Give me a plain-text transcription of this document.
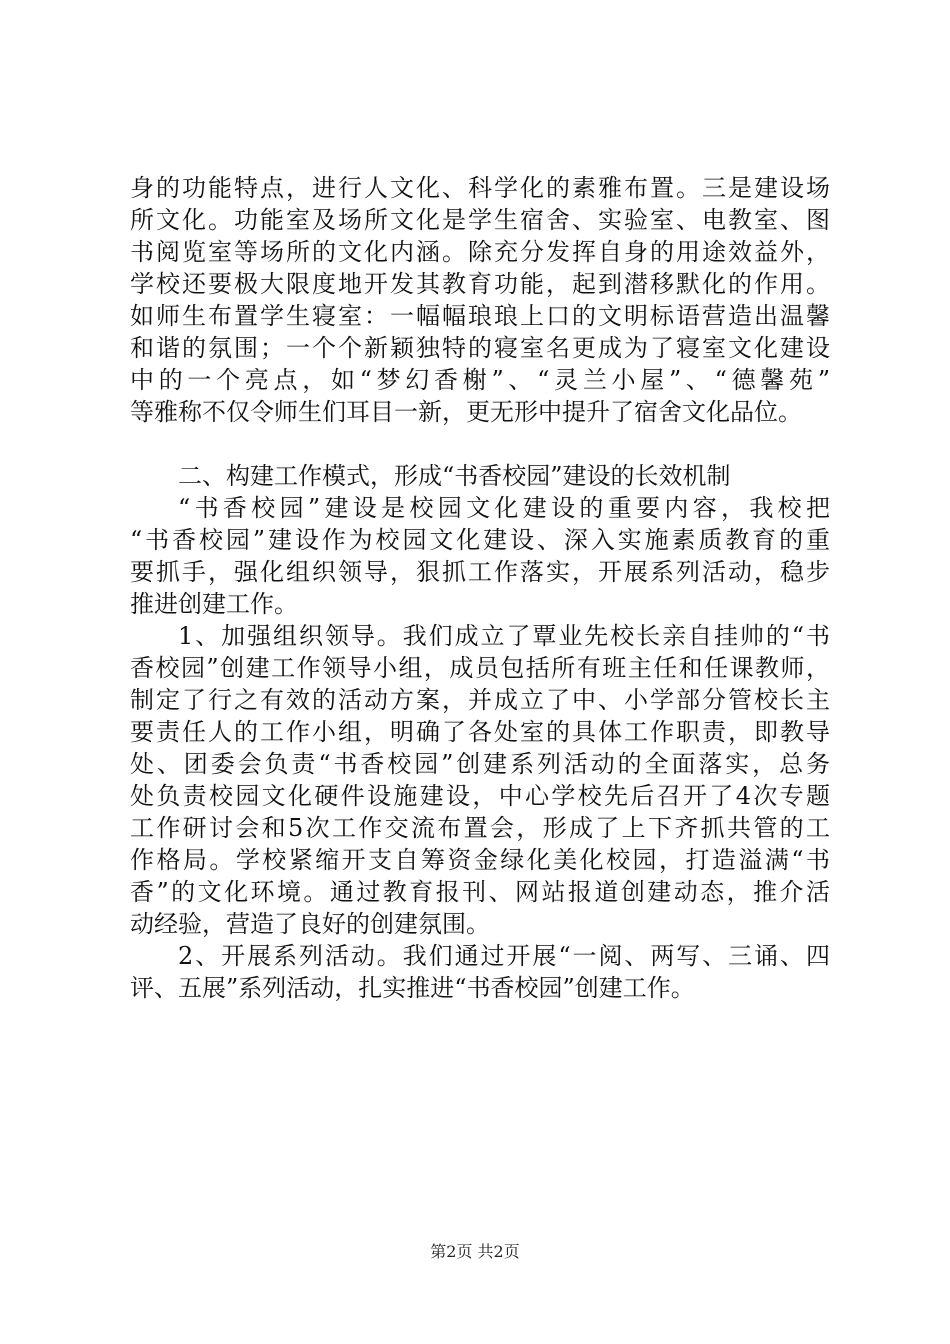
身的功能特点，进行人文化、科学化的素雅布置。三是建设场
所文化。功能室及场所文化是学生宿舍、实验室、电教室、图
书阅览室等场所的文化内涵。除充分发挥自身的用途效益外，
学校还要极大限度地开发其教育功能，起到潜移默化的作用。
如师生布置学生寝室：一幅幅琅琅上口的文明标语营造出温馨
和谐的氛围；一个个新颖独特的寝室名更成为了寝室文化建设
中的一个亮点，如“梦幻香榭”、“灵兰小屋”、“德馨苑”
等雅称不仅令师生们耳目一新，更无形中提升了宿舍文化品位。
二、构建工作模式，形成“书香校园”建设的长效机制
“书香校园”建设是校园文化建设的重要内容，我校把
“书香校园”建设作为校园文化建设、深入实施素质教育的重
要抓手，强化组织领导，狠抓工作落实，开展系列活动，稳步
推进创建工作。
1、加强组织领导。我们成立了覃业先校长亲自挂帅的“书
香校园”创建工作领导小组，成员包括所有班主任和任课教师，
制定了行之有效的活动方案，并成立了中、小学部分管校长主
要责任人的工作小组，明确了各处室的具体工作职责，即教导
处、团委会负责“书香校园”创建系列活动的全面落实，总务
处负责校园文化硬件设施建设，中心学校先后召开了4次专题
工作研讨会和5次工作交流布置会，形成了上下齐抓共管的工
作格局。学校紧缩开支自筹资金绿化美化校园，打造溢满“书
香”的文化环境。通过教育报刊、网站报道创建动态，推介活
动经验，营造了良好的创建氛围。
2、开展系列活动。我们通过开展“一阅、两写、三诵、四
评、五展”系列活动，扎实推进“书香校园”创建工作。
第2页 共2页
